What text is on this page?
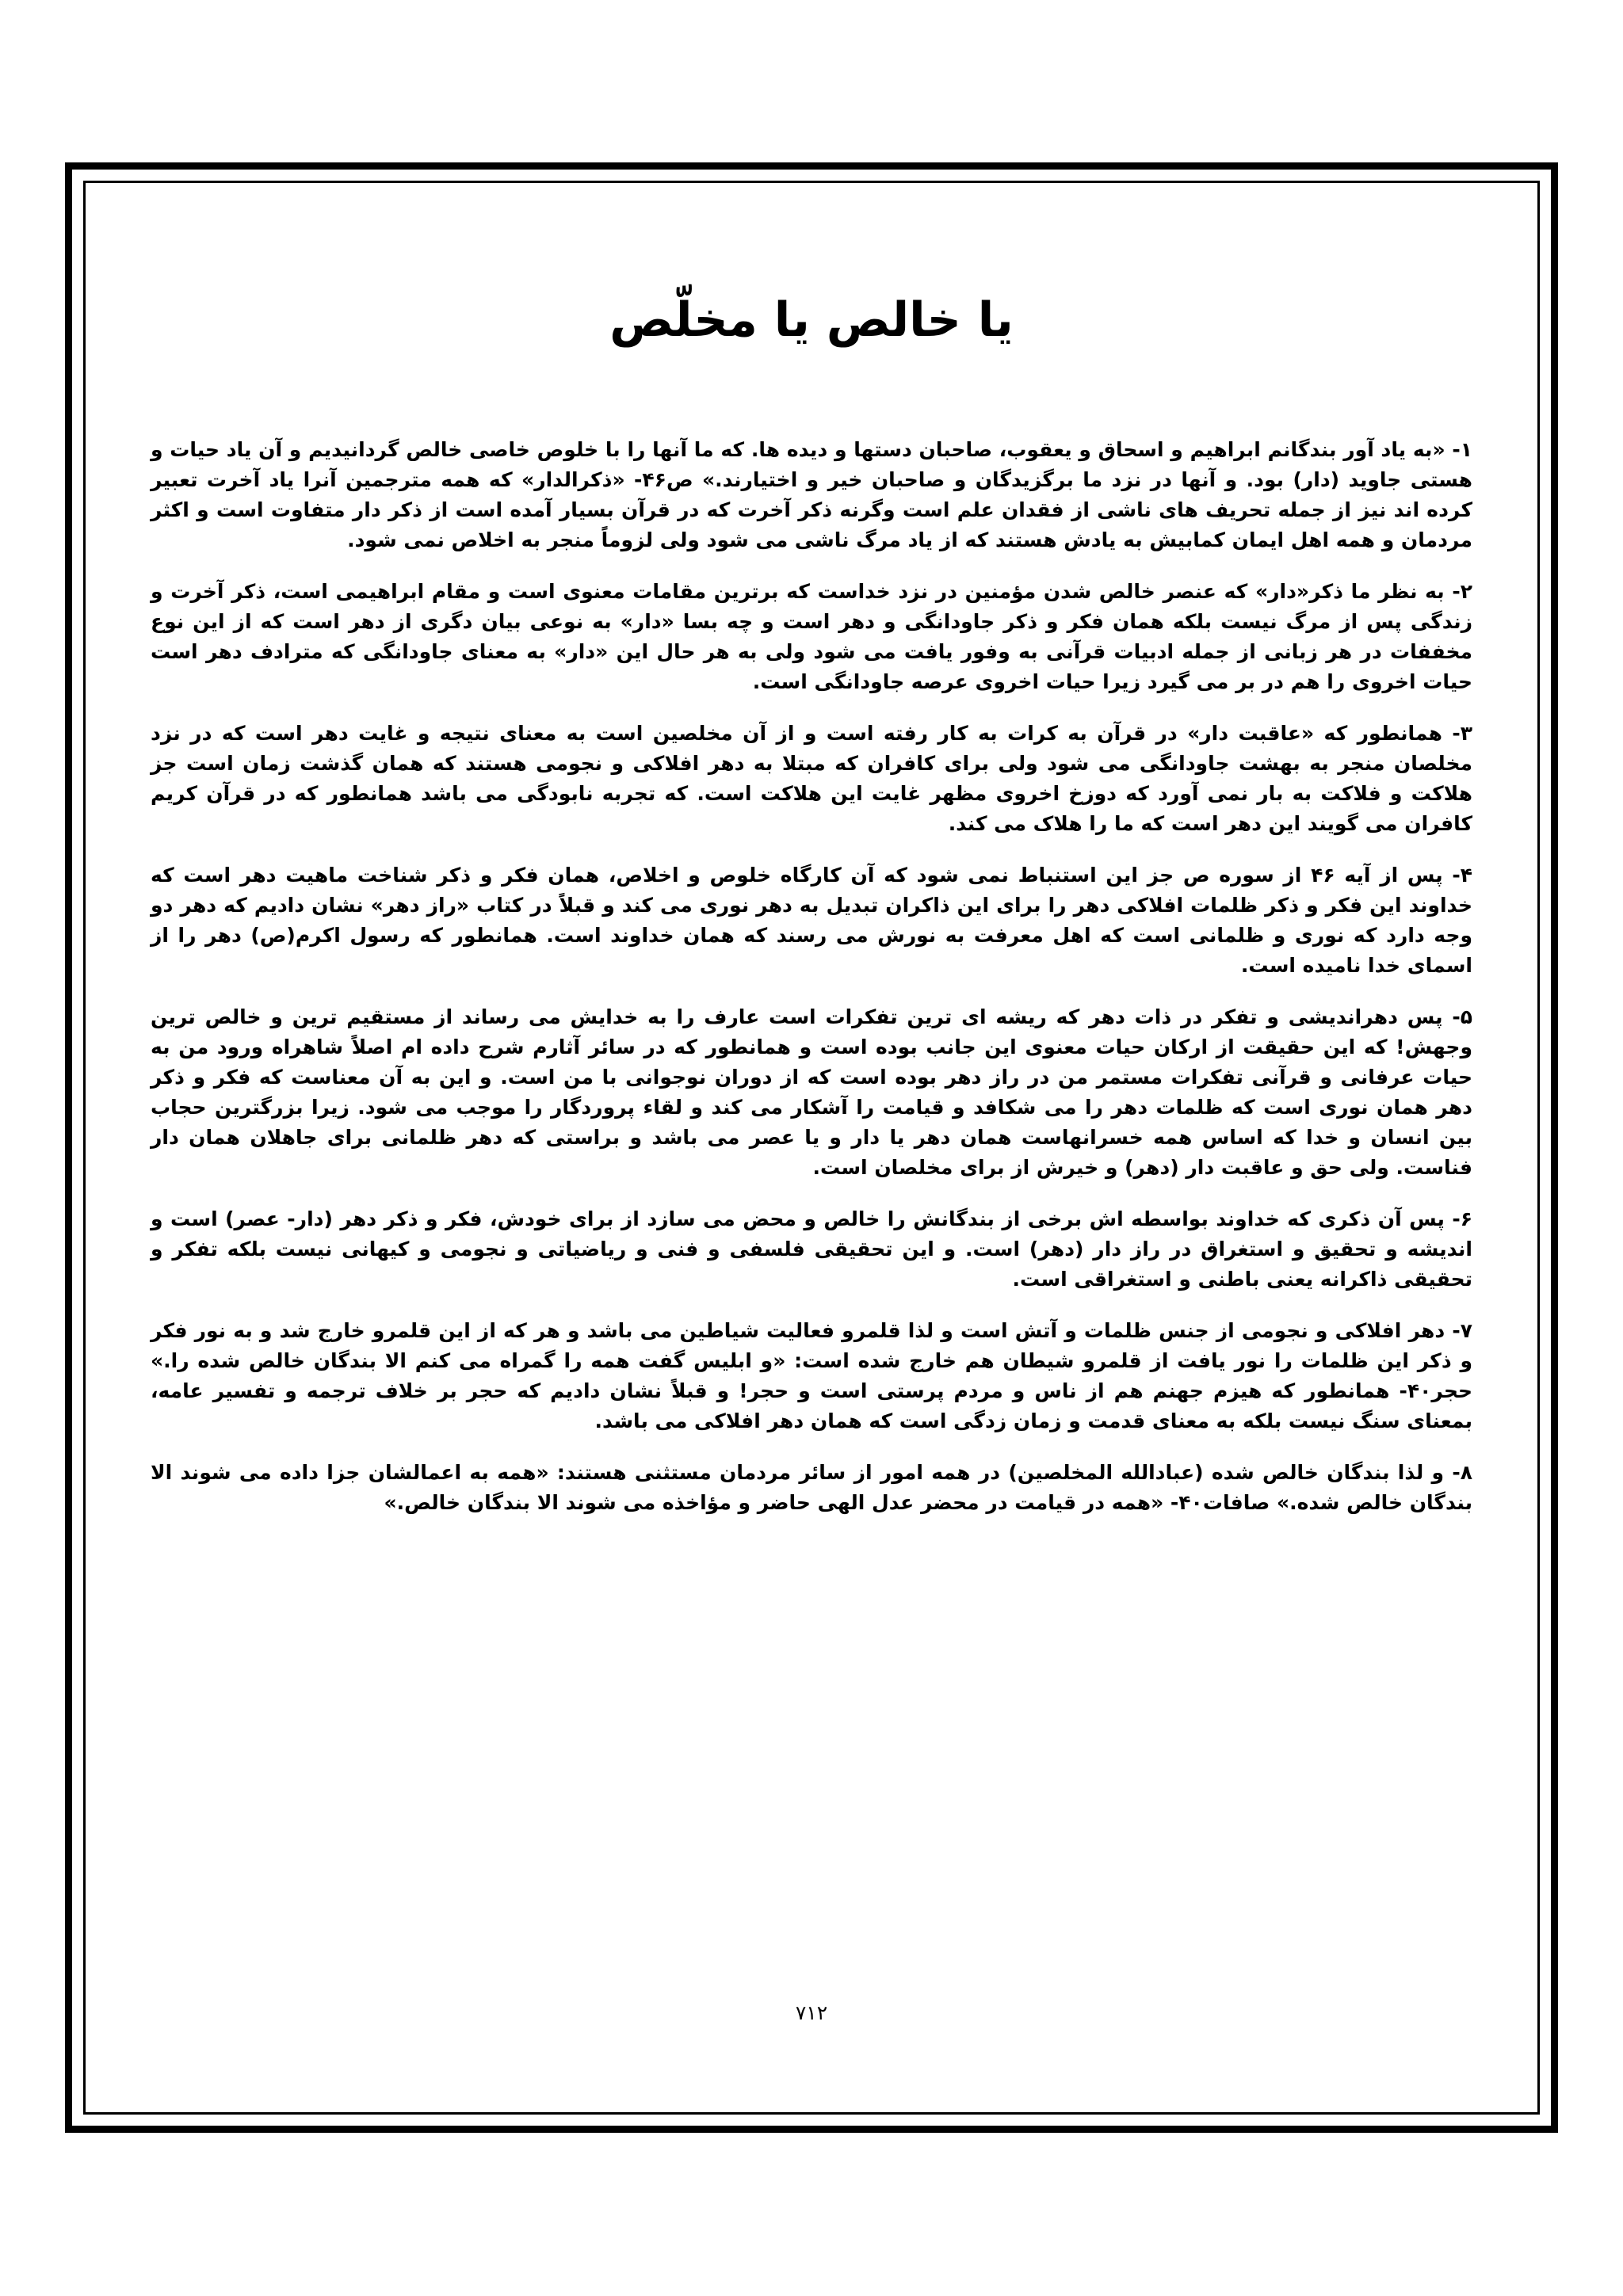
یا خالص یا مخلّص

۱- «به یاد آور بندگانم ابراهیم و اسحاق و یعقوب، صاحبان دستها و دیده ها. که ما آنها را با خلوص خاصی خالص گردانیدیم و آن یاد حیات و هستی جاوید (دار) بود. و آنها در نزد ما برگزیدگان و صاحبان خیر و اختیارند.» ص۴۶- «ذکرالدار» که همه مترجمین آنرا یاد آخرت تعبیر کرده اند نیز از جمله تحریف های ناشی از فقدان علم است وگرنه ذکر آخرت که در قرآن بسیار آمده است از ذکر دار متفاوت است و اکثر مردمان و همه اهل ایمان کمابیش به یادش هستند که از یاد مرگ ناشی می شود ولی لزوماً منجر به اخلاص نمی شود.

۲- به نظر ما ذکر«دار» که عنصر خالص شدن مؤمنین در نزد خداست که برترین مقامات معنوی است و مقام ابراهیمی است، ذکر آخرت و زندگی پس از مرگ نیست بلکه همان فکر و ذکر جاودانگی و دهر است و چه بسا «دار» به نوعی بیان دگری از دهر است که از این نوع مخففات در هر زبانی از جمله ادبیات قرآنی به وفور یافت می شود ولی به هر حال این «دار» به معنای جاودانگی که مترادف دهر است حیات اخروی را هم در بر می گیرد زیرا حیات اخروی عرصه جاودانگی است.

۳- همانطور که «عاقبت دار» در قرآن به کرات به کار رفته است و از آن مخلصین است به معنای نتیجه و غایت دهر است که در نزد مخلصان منجر به بهشت جاودانگی می شود ولی برای کافران که مبتلا به دهر افلاکی و نجومی هستند که همان گذشت زمان است جز هلاکت و فلاکت به بار نمی آورد که دوزخ اخروی مظهر غایت این هلاکت است. که تجربه نابودگی می باشد همانطور که در قرآن کریم کافران می گویند این دهر است که ما را هلاک می کند.

۴- پس از آیه ۴۶ از سوره ص جز این استنباط نمی شود که آن کارگاه خلوص و اخلاص، همان فکر و ذکر شناخت ماهیت دهر است که خداوند این فکر و ذکر ظلمات افلاکی دهر را برای این ذاکران تبدیل به دهر نوری می کند و قبلاً در کتاب «راز دهر» نشان دادیم که دهر دو وجه دارد که نوری و ظلمانی است که اهل معرفت به نورش می رسند که همان خداوند است. همانطور که رسول اکرم(ص) دهر را از اسمای خدا نامیده است.

۵- پس دهراندیشی و تفکر در ذات دهر که ریشه ای ترین تفکرات است عارف را به خدایش می رساند از مستقیم ترین و خالص ترین وجهش! که این حقیقت از ارکان حیات معنوی این جانب بوده است و همانطور که در سائر آثارم شرح داده ام اصلاً شاهراه ورود من به حیات عرفانی و قرآنی تفکرات مستمر من در راز دهر بوده است که از دوران نوجوانی با من است. و این به آن معناست که فکر و ذکر دهر همان نوری است که ظلمات دهر را می شکافد و قیامت را آشکار می کند و لقاء پروردگار را موجب می شود. زیرا بزرگترین حجاب بین انسان و خدا که اساس همه خسرانهاست همان دهر یا دار و یا عصر می باشد و براستی که دهر ظلمانی برای جاهلان همان دار فناست. ولی حق و عاقبت دار (دهر) و خیرش از برای مخلصان است.

۶- پس آن ذکری که خداوند بواسطه اش برخی از بندگانش را خالص و محض می سازد از برای خودش، فکر و ذکر دهر (دار- عصر) است و اندیشه و تحقیق و استغراق در راز دار (دهر) است. و این تحقیقی فلسفی و فنی و ریاضیاتی و نجومی و کیهانی نیست بلکه تفکر و تحقیقی ذاکرانه یعنی باطنی و استغراقی است.

۷- دهر افلاکی و نجومی از جنس ظلمات و آتش است و لذا قلمرو فعالیت شیاطین می باشد و هر که از این قلمرو خارج شد و به نور فکر و ذکر این ظلمات را نور یافت از قلمرو شیطان هم خارج شده است: «و ابلیس گفت همه را گمراه می کنم الا بندگان خالص شده را.» حجر۴۰- همانطور که هیزم جهنم هم از ناس و مردم پرستی است و حجر! و قبلاً نشان دادیم که حجر بر خلاف ترجمه و تفسیر عامه، بمعنای سنگ نیست بلکه به معنای قدمت و زمان زدگی است که همان دهر افلاکی می باشد.

۸- و لذا بندگان خالص شده (عبادالله المخلصین) در همه امور از سائر مردمان مستثنی هستند: «همه به اعمالشان جزا داده می شوند الا بندگان خالص شده.» صافات۴۰- «همه در قیامت در محضر عدل الهی حاضر و مؤاخذه می شوند الا بندگان خالص.»

۷۱۲
